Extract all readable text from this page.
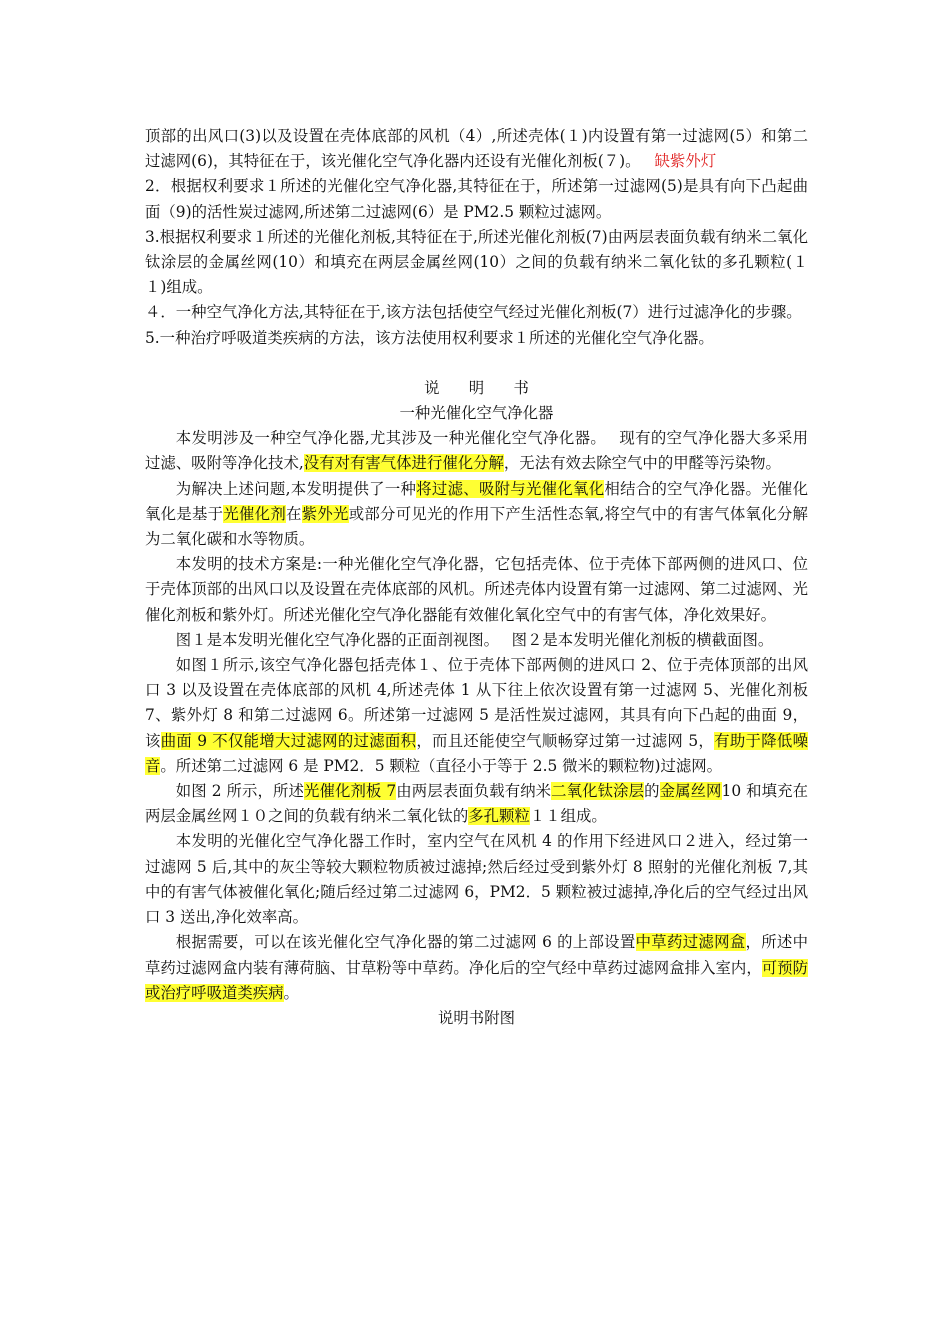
顶部的出风口(3)以及设置在壳体底部的风机（4）,所述壳体(１)内设置有第一过滤网(5）和第二过滤网(6)，其特征在于，该光催化空气净化器内还设有光催化剂板(７)。 缺紫外灯

2．根据权利要求１所述的光催化空气净化器,其特征在于，所述第一过滤网(5)是具有向下凸起曲面（9)的活性炭过滤网,所述第二过滤网(6）是 PM2.5 颗粒过滤网。

3.根据权利要求１所述的光催化剂板,其特征在于,所述光催化剂板(7)由两层表面负载有纳米二氧化钛涂层的金属丝网(10）和填充在两层金属丝网(10）之间的负载有纳米二氧化钛的多孔颗粒(１１)组成。

４．一种空气净化方法,其特征在于,该方法包括使空气经过光催化剂板(7）进行过滤净化的步骤。

5.一种治疗呼吸道类疾病的方法，该方法使用权利要求１所述的光催化空气净化器。

说明书

一种光催化空气净化器

本发明涉及一种空气净化器,尤其涉及一种光催化空气净化器。　 现有的空气净化器大多采用过滤、吸附等净化技术,没有对有害气体进行催化分解，无法有效去除空气中的甲醛等污染物。

为解决上述问题,本发明提供了一种将过滤、吸附与光催化氧化相结合的空气净化器。光催化氧化是基于光催化剂在紫外光或部分可见光的作用下产生活性态氧,将空气中的有害气体氧化分解为二氧化碳和水等物质。

本发明的技术方案是:一种光催化空气净化器，它包括壳体、位于壳体下部两侧的进风口、位于壳体顶部的出风口以及设置在壳体底部的风机。所述壳体内设置有第一过滤网、第二过滤网、光催化剂板和紫外灯。所述光催化空气净化器能有效催化氧化空气中的有害气体，净化效果好。

图１是本发明光催化空气净化器的正面剖视图。　 图２是本发明光催化剂板的横截面图。

如图１所示,该空气净化器包括壳体１、位于壳体下部两侧的进风口 2、位于壳体顶部的出风口 3 以及设置在壳体底部的风机 4,所述壳体 1 从下往上依次设置有第一过滤网 5、光催化剂板 7、紫外灯 8 和第二过滤网 6。所述第一过滤网 5 是活性炭过滤网，其具有向下凸起的曲面 9，该曲面 9 不仅能增大过滤网的过滤面积，而且还能使空气顺畅穿过第一过滤网 5，有助于降低噪音。所述第二过滤网 6 是 PM2．5 颗粒（直径小于等于 2.5 微米的颗粒物)过滤网。

如图 2 所示，所述光催化剂板 7由两层表面负载有纳米二氧化钛涂层的金属丝网10 和填充在两层金属丝网１０之间的负载有纳米二氧化钛的多孔颗粒１１组成。

本发明的光催化空气净化器工作时，室内空气在风机 4 的作用下经进风口２进入，经过第一过滤网 5 后,其中的灰尘等较大颗粒物质被过滤掉;然后经过受到紫外灯 8 照射的光催化剂板 7,其中的有害气体被催化氧化;随后经过第二过滤网 6，PM2．5 颗粒被过滤掉,净化后的空气经过出风口 3 送出,净化效率高。

根据需要，可以在该光催化空气净化器的第二过滤网 6 的上部设置中草药过滤网盒，所述中草药过滤网盒内装有薄荷脑、甘草粉等中草药。净化后的空气经中草药过滤网盒排入室内，可预防或治疗呼吸道类疾病。

说明书附图
